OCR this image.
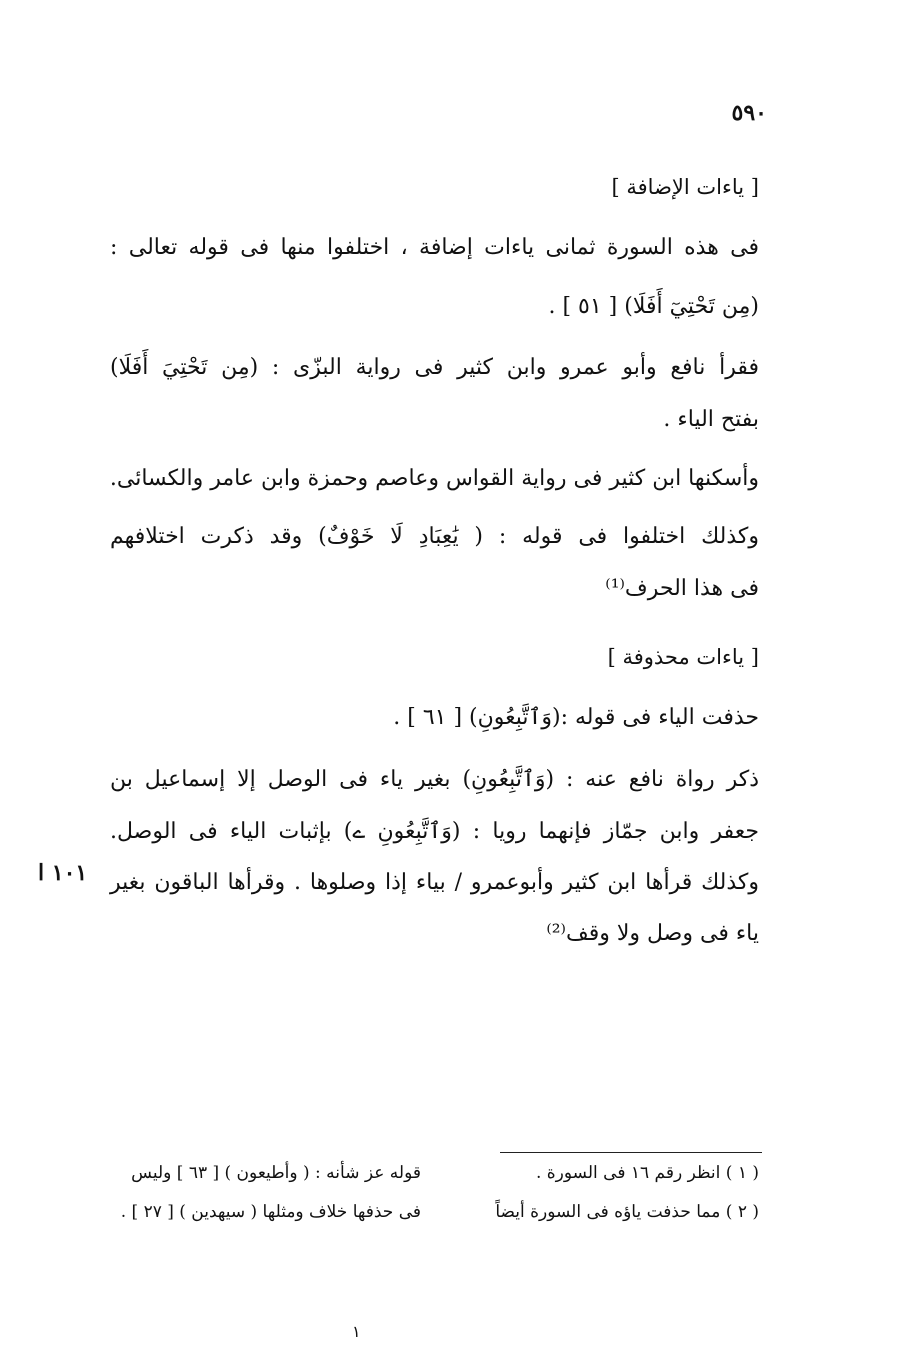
٥٩٠
[ ياءات الإضافة ]
فى هذه السورة ثمانى ياءات إضافة ، اختلفوا منها فى قوله تعالى :
(مِن تَحْتِيٓ أَفَلَا) [ ٥١ ] .
فقرأ نافع وأبو عمرو وابن كثير فى رواية البزّى : (مِن تَحْتِيَ أَفَلَا)
بفتح الياء .
وأسكنها ابن كثير فى رواية القواس وعاصم وحمزة وابن عامر والكسائى.
وكذلك اختلفوا فى قوله : ( يَٰعِبَادِ لَا خَوْفٌ) وقد ذكرت اختلافهم
فى هذا الحرف⁽¹⁾
[ ياءات محذوفة ]
حذفت الياء فى قوله :(وَٱتَّبِعُونِ) [ ٦١ ] .
ذكر رواة نافع عنه : (وَٱتَّبِعُونِ) بغير ياء فى الوصل إلا إسماعيل بن
جعفر وابن جمّاز فإنهما رويا : (وَٱتَّبِعُونِ ے) بإثبات الياء فى الوصل.
وكذلك قرأها ابن كثير وأبوعمرو / بياء إذا وصلوها . وقرأها الباقون بغير
ياء فى وصل ولا وقف⁽²⁾
١٠١ ا
( ١ ) انظر رقم ١٦ فى السورة .
قوله عز شأنه : ( وأطيعون ) [ ٦٣ ] وليس
( ٢ ) مما حذفت ياؤه فى السورة أيضاً
فى حذفها خلاف ومثلها ( سيهدين ) [ ٢٧ ] .
١
